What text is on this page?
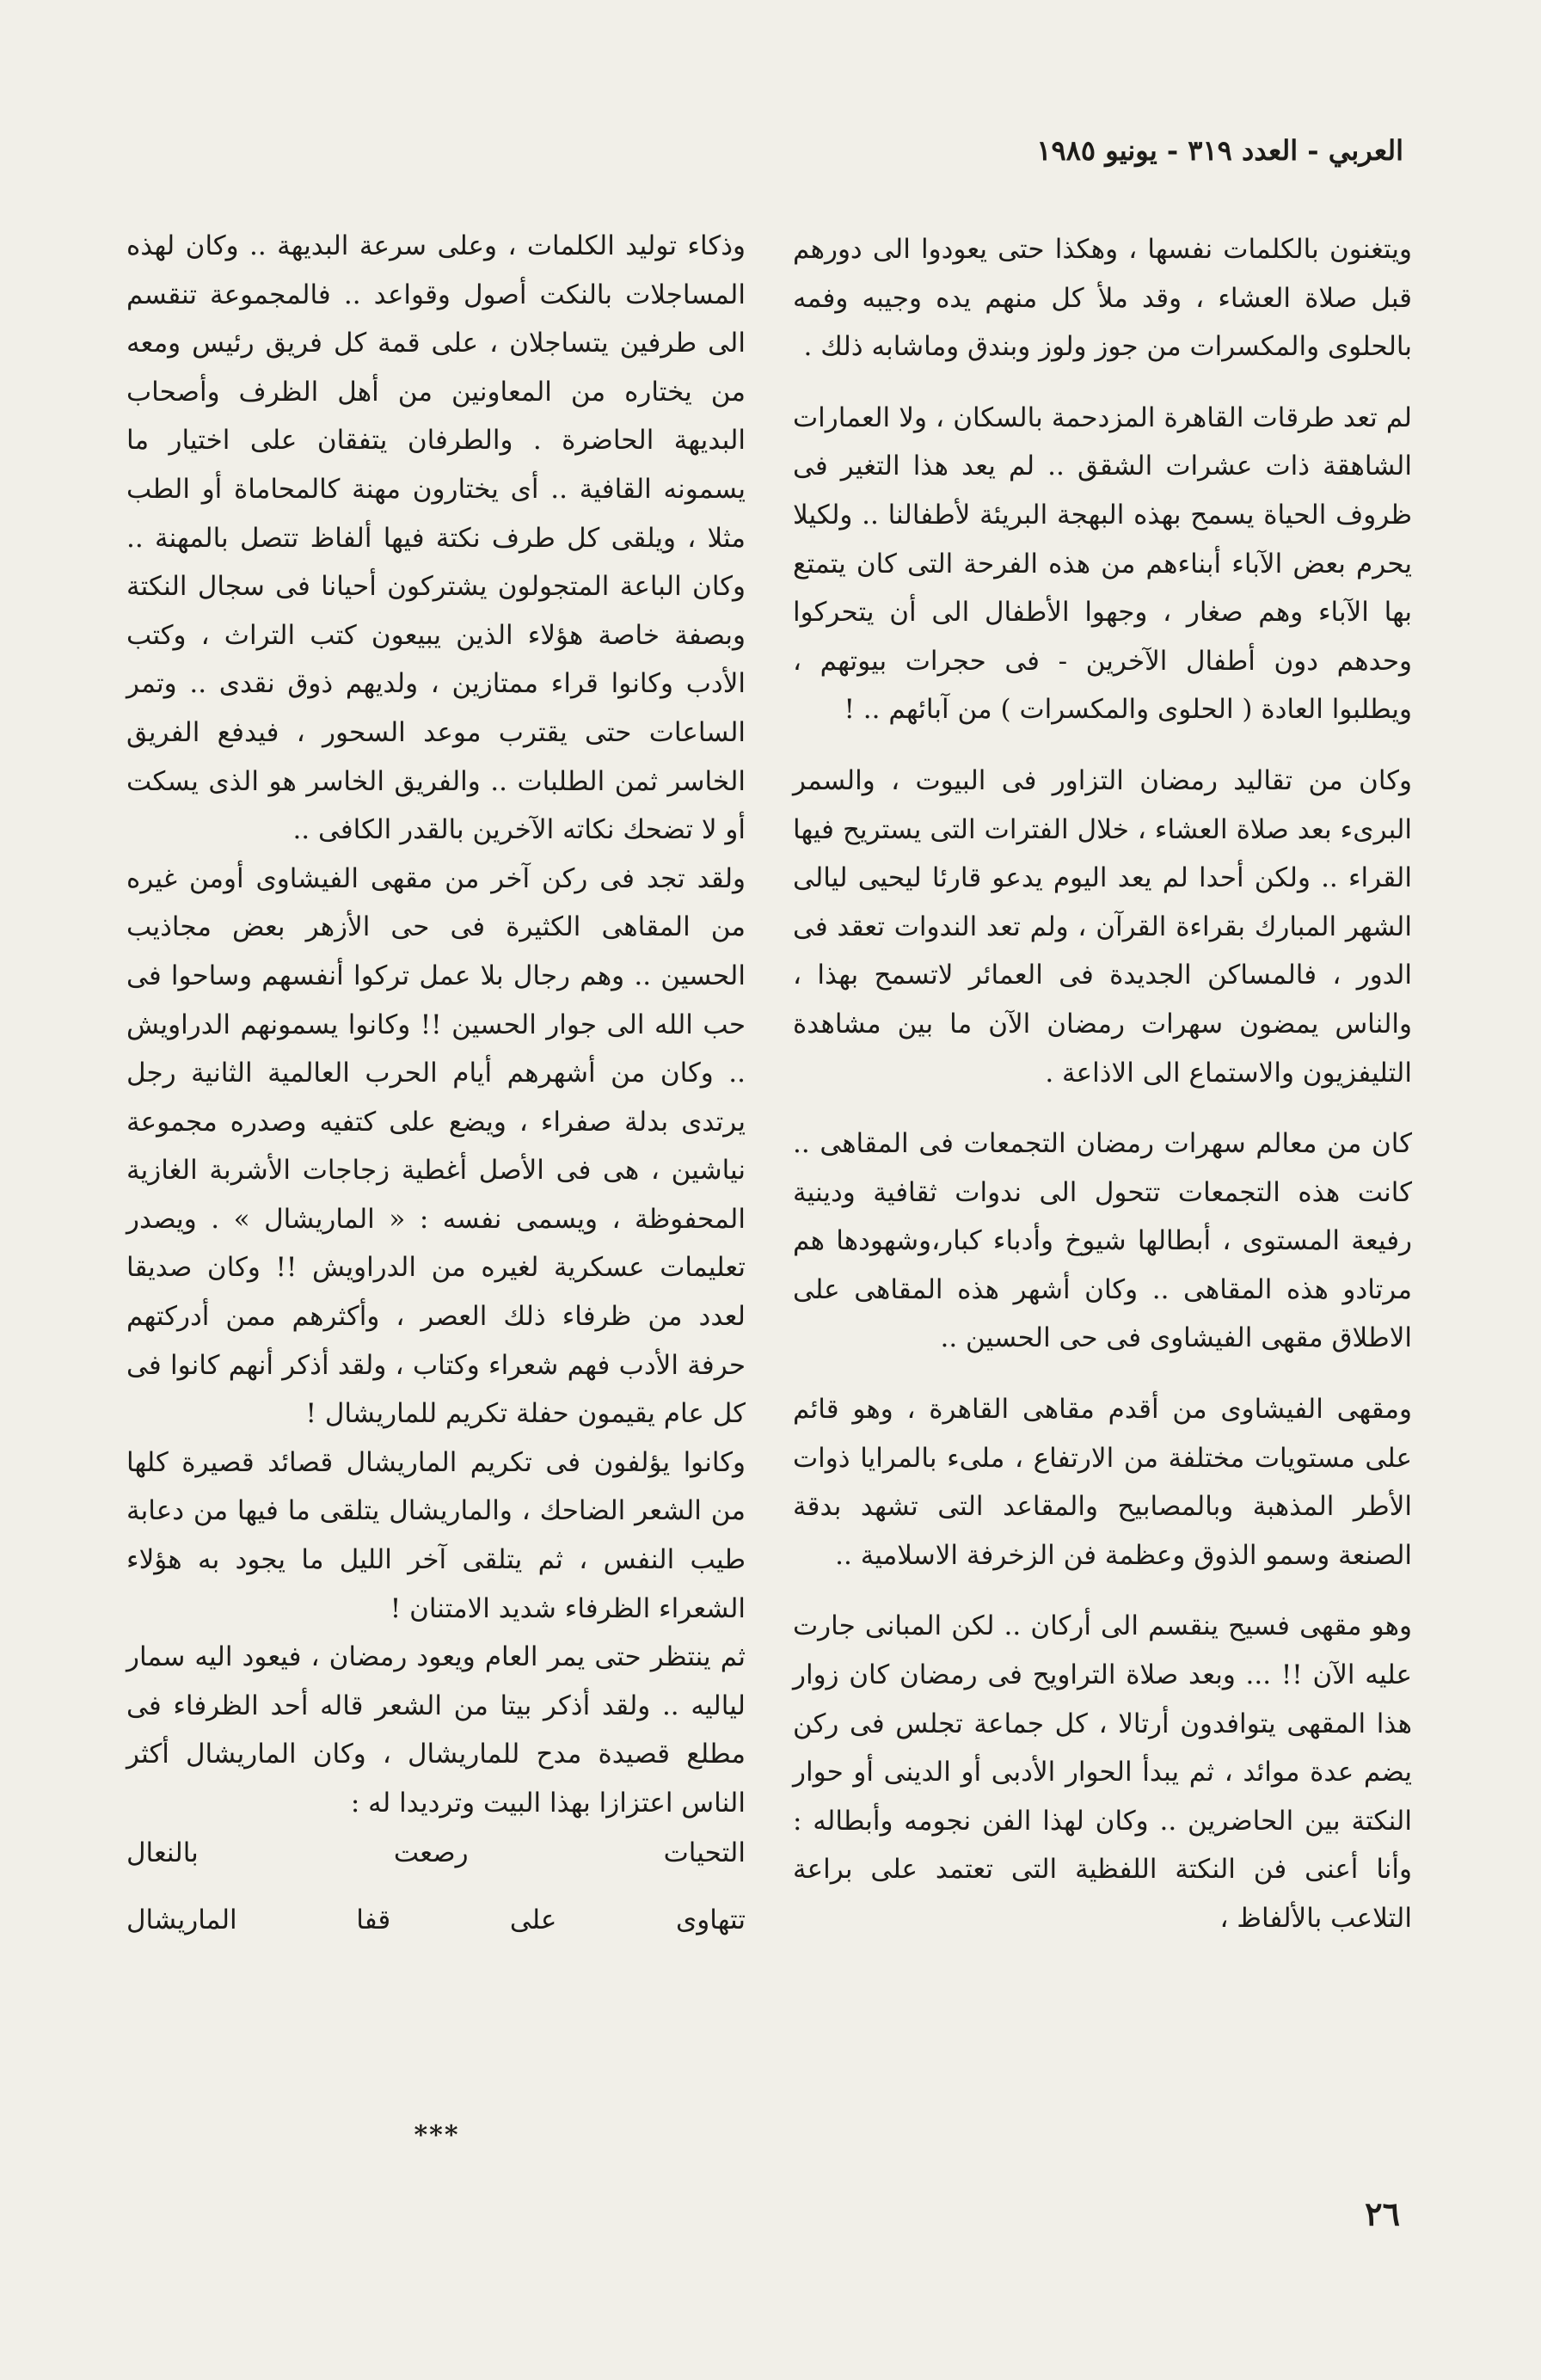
العربي - العدد ٣١٩ - يونيو ١٩٨٥

ويتغنون بالكلمات نفسها ، وهكذا حتى يعودوا الى دورهم قبل صلاة العشاء ، وقد ملأ كل منهم يده وجيبه وفمه بالحلوى والمكسرات من جوز ولوز وبندق وماشابه ذلك .

لم تعد طرقات القاهرة المزدحمة بالسكان ، ولا العمارات الشاهقة ذات عشرات الشقق .. لم يعد هذا التغير فى ظروف الحياة يسمح بهذه البهجة البريئة لأطفالنا .. ولكيلا يحرم بعض الآباء أبناءهم من هذه الفرحة التى كان يتمتع بها الآباء وهم صغار ، وجهوا الأطفال الى أن يتحركوا وحدهم دون أطفال الآخرين - فى حجرات بيوتهم ، ويطلبوا العادة ( الحلوى والمكسرات ) من آبائهم .. !

وكان من تقاليد رمضان التزاور فى البيوت ، والسمر البرىء بعد صلاة العشاء ، خلال الفترات التى يستريح فيها القراء .. ولكن أحدا لم يعد اليوم يدعو قارئا ليحيى ليالى الشهر المبارك بقراءة القرآن ، ولم تعد الندوات تعقد فى الدور ، فالمساكن الجديدة فى العمائر لاتسمح بهذا ، والناس يمضون سهرات رمضان الآن ما بين مشاهدة التليفزيون والاستماع الى الاذاعة .

كان من معالم سهرات رمضان التجمعات فى المقاهى .. كانت هذه التجمعات تتحول الى ندوات ثقافية ودينية رفيعة المستوى ، أبطالها شيوخ وأدباء كبار،وشهودها هم مرتادو هذه المقاهى .. وكان أشهر هذه المقاهى على الاطلاق مقهى الفيشاوى فى حى الحسين ..

ومقهى الفيشاوى من أقدم مقاهى القاهرة ، وهو قائم على مستويات مختلفة من الارتفاع ، ملىء بالمرايا ذوات الأطر المذهبة وبالمصابيح والمقاعد التى تشهد بدقة الصنعة وسمو الذوق وعظمة فن الزخرفة الاسلامية ..

وهو مقهى فسيح ينقسم الى أركان .. لكن المبانى جارت عليه الآن !! ... وبعد صلاة التراويح فى رمضان كان زوار هذا المقهى يتوافدون أرتالا ، كل جماعة تجلس فى ركن يضم عدة موائد ، ثم يبدأ الحوار الأدبى أو الدينى أو حوار النكتة بين الحاضرين .. وكان لهذا الفن نجومه وأبطاله : وأنا أعنى فن النكتة اللفظية التى تعتمد على براعة التلاعب بالألفاظ ،

وذكاء توليد الكلمات ، وعلى سرعة البديهة .. وكان لهذه المساجلات بالنكت أصول وقواعد .. فالمجموعة تنقسم الى طرفين يتساجلان ، على قمة كل فريق رئيس ومعه من يختاره من المعاونين من أهل الظرف وأصحاب البديهة الحاضرة . والطرفان يتفقان على اختيار ما يسمونه القافية .. أى يختارون مهنة كالمحاماة أو الطب مثلا ، ويلقى كل طرف نكتة فيها ألفاظ تتصل بالمهنة .. وكان الباعة المتجولون يشتركون أحيانا فى سجال النكتة وبصفة خاصة هؤلاء الذين يبيعون كتب التراث ، وكتب الأدب وكانوا قراء ممتازين ، ولديهم ذوق نقدى .. وتمر الساعات حتى يقترب موعد السحور ، فيدفع الفريق الخاسر ثمن الطلبات .. والفريق الخاسر هو الذى يسكت أو لا تضحك نكاته الآخرين بالقدر الكافى ..

ولقد تجد فى ركن آخر من مقهى الفيشاوى أومن غيره من المقاهى الكثيرة فى حى الأزهر بعض مجاذيب الحسين .. وهم رجال بلا عمل تركوا أنفسهم وساحوا فى حب الله الى جوار الحسين !! وكانوا يسمونهم الدراويش .. وكان من أشهرهم أيام الحرب العالمية الثانية رجل يرتدى بدلة صفراء ، ويضع على كتفيه وصدره مجموعة نياشين ، هى فى الأصل أغطية زجاجات الأشربة الغازية المحفوظة ، ويسمى نفسه : « الماريشال » . ويصدر تعليمات عسكرية لغيره من الدراويش !! وكان صديقا لعدد من ظرفاء ذلك العصر ، وأكثرهم ممن أدركتهم حرفة الأدب فهم شعراء وكتاب ، ولقد أذكر أنهم كانوا فى كل عام يقيمون حفلة تكريم للماريشال !

وكانوا يؤلفون فى تكريم الماريشال قصائد قصيرة كلها من الشعر الضاحك ، والماريشال يتلقى ما فيها من دعابة طيب النفس ، ثم يتلقى آخر الليل ما يجود به هؤلاء الشعراء الظرفاء شديد الامتنان !

ثم ينتظر حتى يمر العام ويعود رمضان ، فيعود اليه سمار لياليه .. ولقد أذكر بيتا من الشعر قاله أحد الظرفاء فى مطلع قصيدة مدح للماريشال ، وكان الماريشال أكثر الناس اعتزازا بهذا البيت وترديدا له :

التحيات رصعت بالنعال

تتهاوى على قفا الماريشال

***
٢٦
